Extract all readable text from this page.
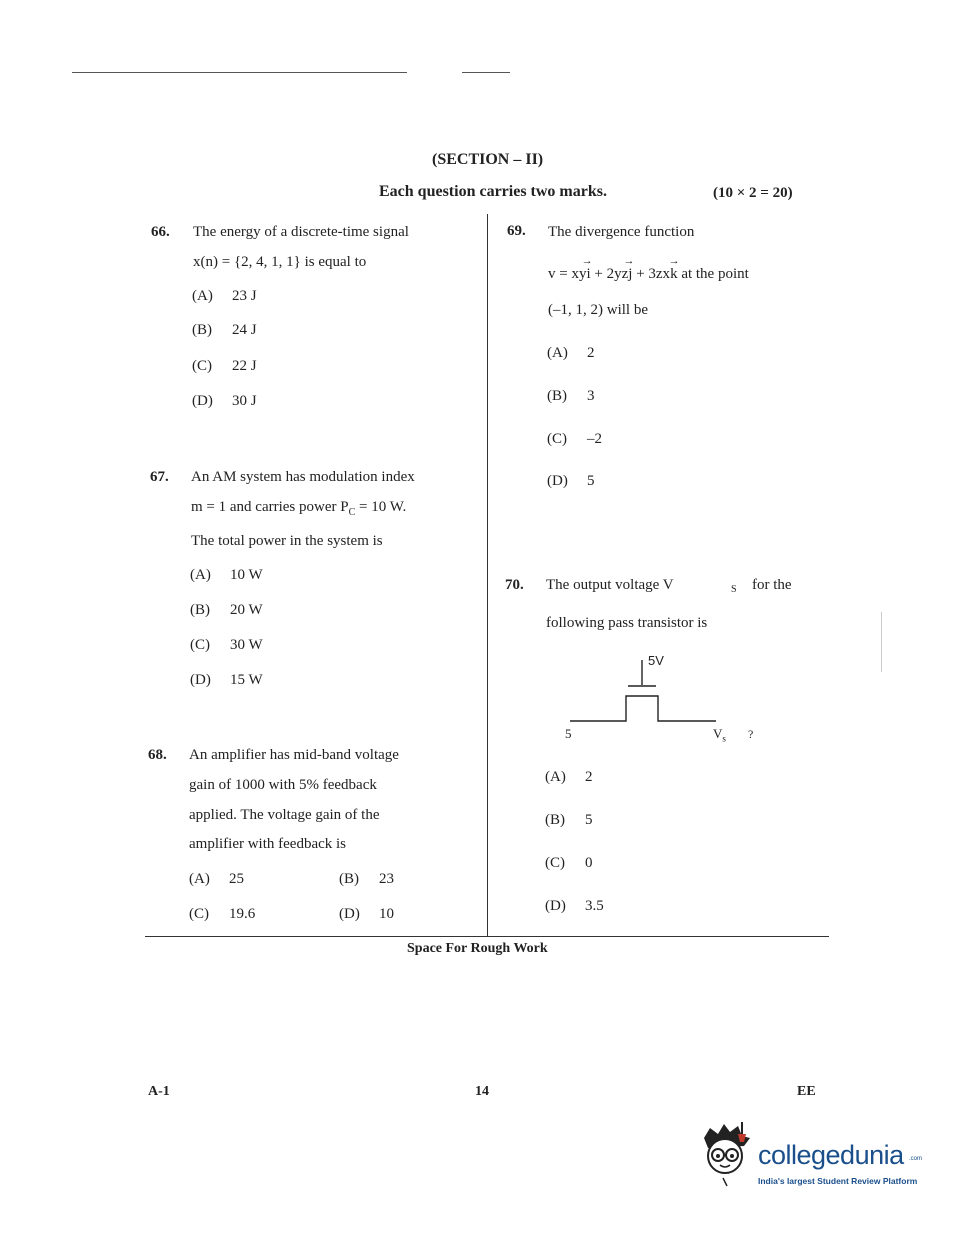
(SECTION – II)
Each question carries two marks.	(10 × 2 = 20)
66. The energy of a discrete-time signal
x(n) = {2, 4, 1, 1} is equal to
(A) 23 J
(B) 24 J
(C) 22 J
(D) 30 J
67. An AM system has modulation index
m = 1 and carries power $P_C = 10$ W.
The total power in the system is
(A) 10 W
(B) 20 W
(C) 30 W
(D) 15 W
68. An amplifier has mid-band voltage
gain of 1000 with 5% feedback
applied. The voltage gain of the
amplifier with feedback is
(A) 25	(B) 23
(C) 19.6	(D) 10
69. The divergence function
v = xy→ i + 2yz→ j + 3zx→ k at the point
(–1, 1, 2) will be
(A) 2
(B) 3
(C) –2
(D) 5
70. The output voltage V	S for the
following pass transistor is
5V
5	$V_s$ ?
(A) 2
(B) 5
(C) 0
(D) 3.5
Space For Rough Work
A-1	14	EE
collegedunia .com
India's largest Student Review Platform
